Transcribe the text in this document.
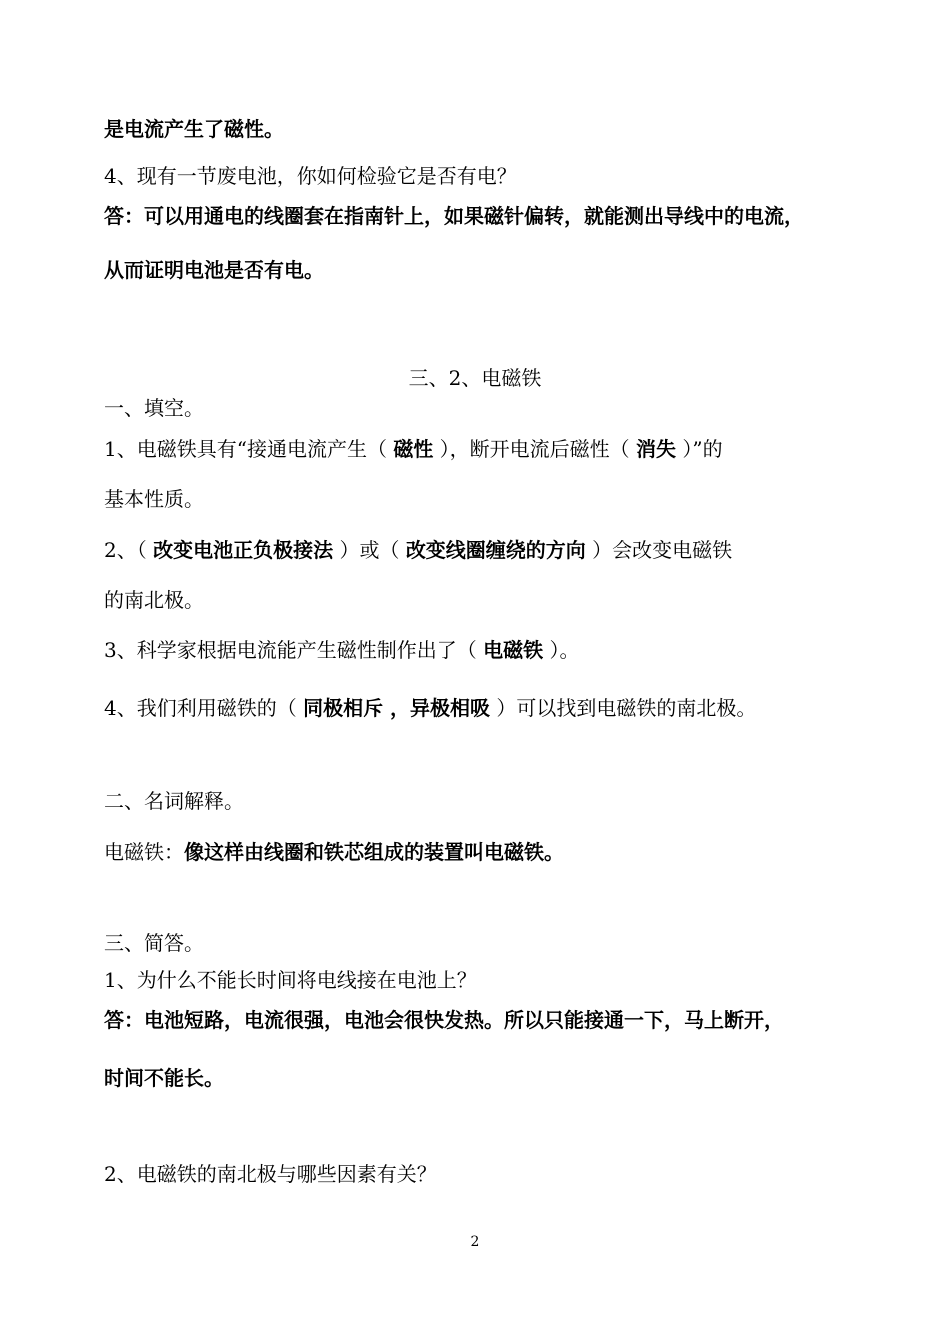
是电流产生了磁性。
4、现有一节废电池，你如何检验它是否有电？
答：可以用通电的线圈套在指南针上，如果磁针偏转，就能测出导线中的电流，
从而证明电池是否有电。
三、2、电磁铁
一、填空。
1、电磁铁具有“接通电流产生（ 磁性 ），断开电流后磁性（ 消失 ）”的
基本性质。
2、（ 改变电池正负极接法 ）或（ 改变线圈缠绕的方向 ）会改变电磁铁
的南北极。
3、科学家根据电流能产生磁性制作出了（ 电磁铁 ）。
4、我们利用磁铁的（ 同极相斥 ，异极相吸 ）可以找到电磁铁的南北极。
二、名词解释。
电磁铁：像这样由线圈和铁芯组成的装置叫电磁铁。
三、简答。
1、为什么不能长时间将电线接在电池上？
答：电池短路，电流很强，电池会很快发热。所以只能接通一下，马上断开，
时间不能长。
2、电磁铁的南北极与哪些因素有关？
2
